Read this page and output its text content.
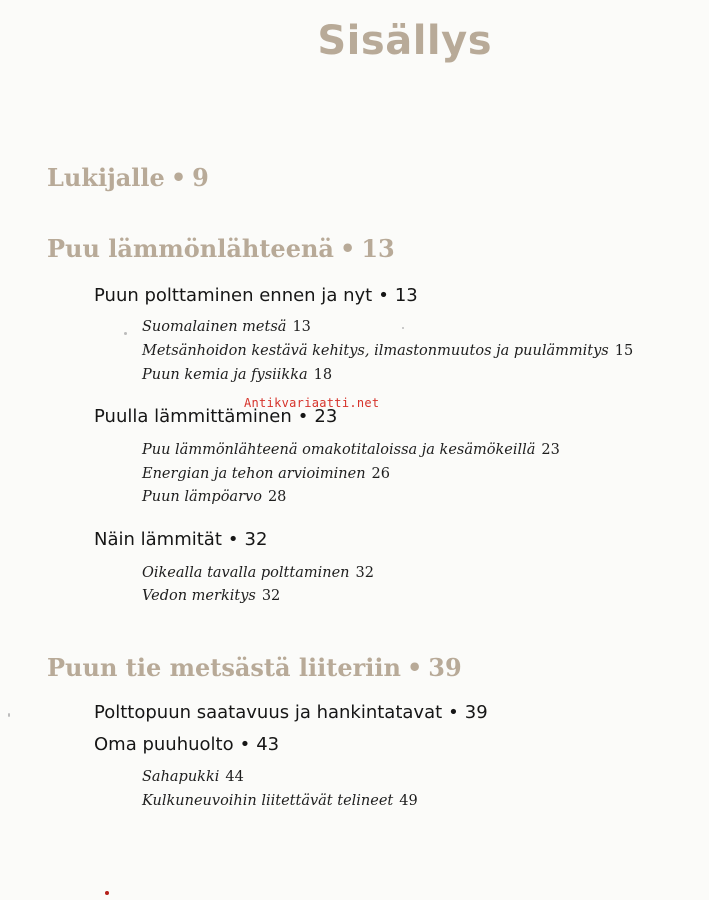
Sisällys
Lukijalle • 9
Puu lämmönlähteenä • 13
Puun polttaminen ennen ja nyt • 13
Suomalainen metsä 13
Metsänhoidon kestävä kehitys, ilmastonmuutos ja puulämmitys 15
Puun kemia ja fysiikka 18
Puulla lämmittäminen • 23
Puu lämmönlähteenä omakotitaloissa ja kesämökeillä 23
Energian ja tehon arvioiminen 26
Puun lämpöarvo 28
Näin lämmität • 32
Oikealla tavalla polttaminen 32
Vedon merkitys 32
Puun tie metsästä liiteriin • 39
Polttopuun saatavuus ja hankintatavat • 39
Oma puuhuolto • 43
Sahapukki 44
Kulkuneuvoihin liitettävät telineet 49
Antikvariaatti.net
